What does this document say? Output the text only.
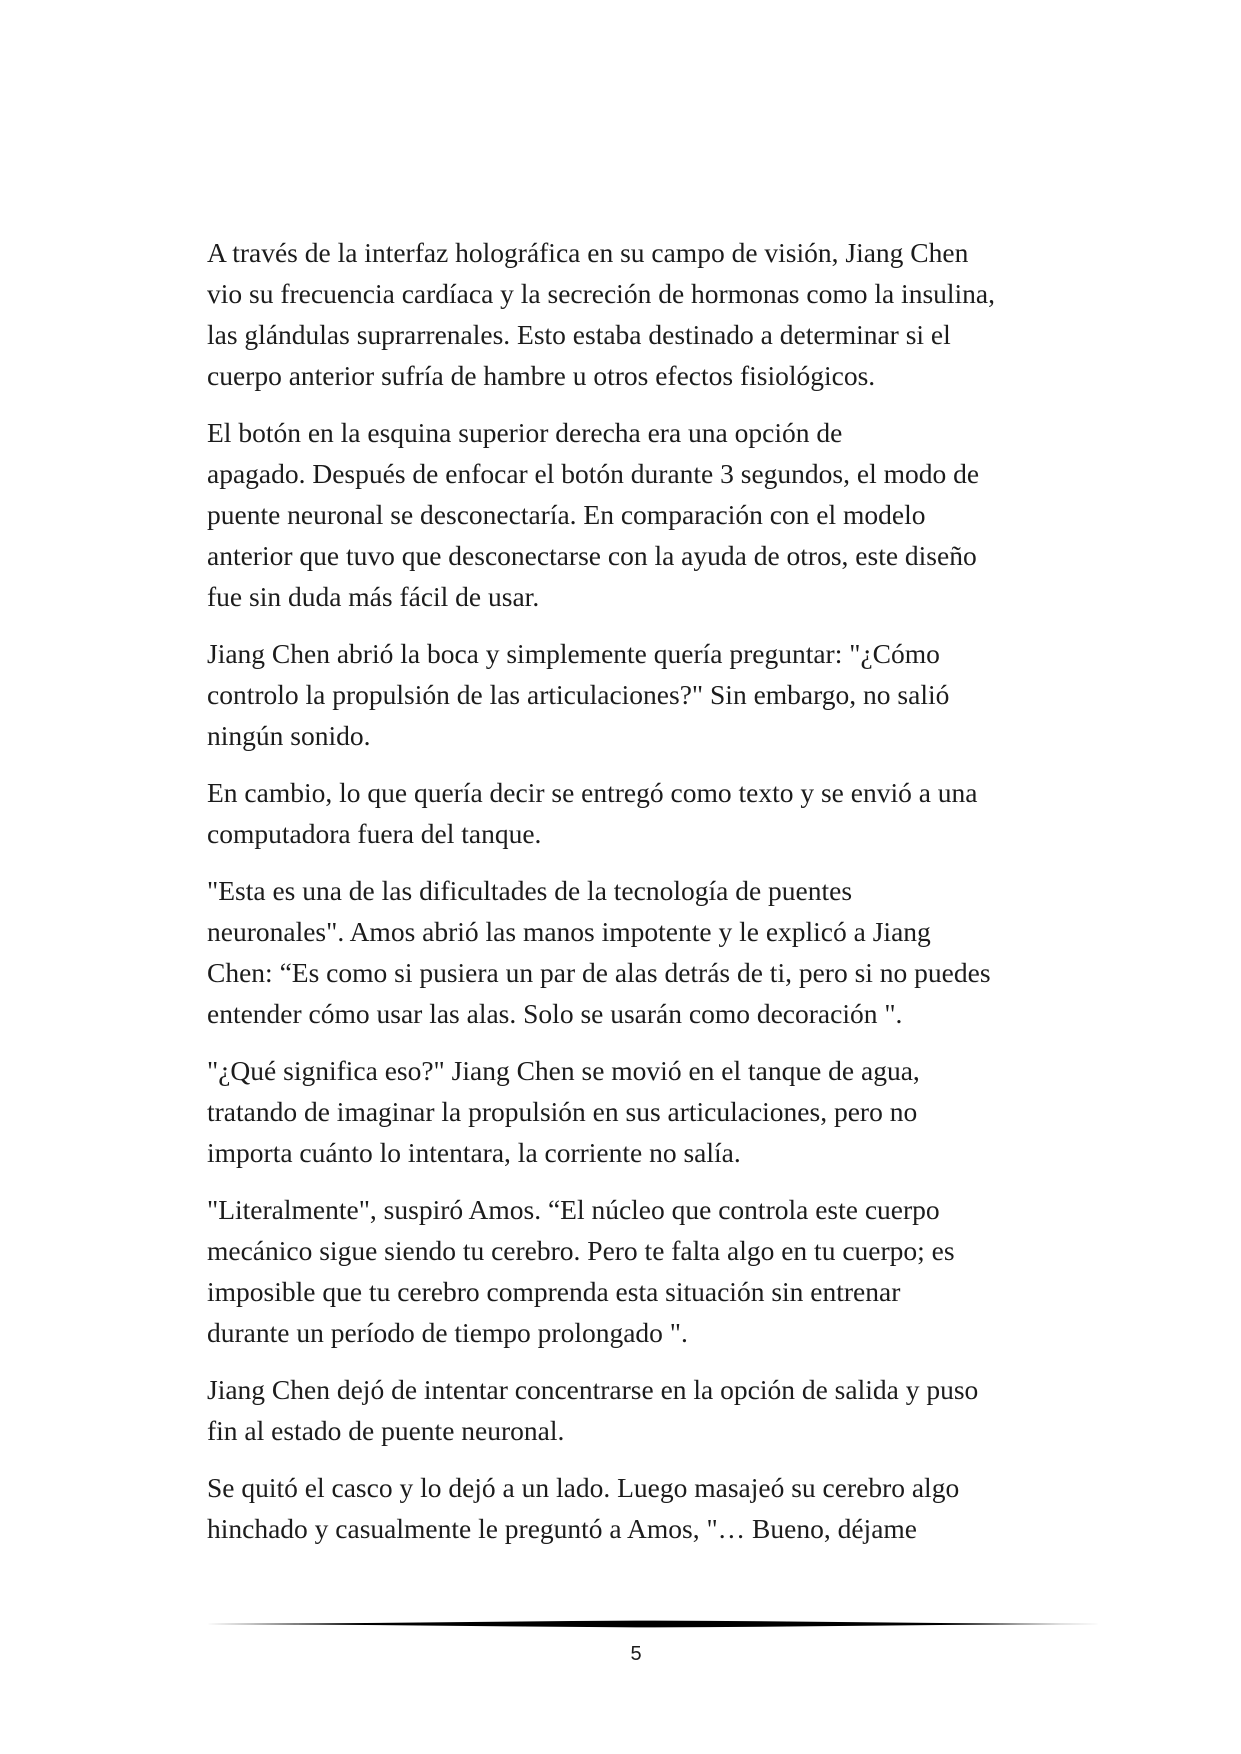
A través de la interfaz holográfica en su campo de visión, Jiang Chen
vio su frecuencia cardíaca y la secreción de hormonas como la insulina,
las glándulas suprarrenales. Esto estaba destinado a determinar si el
cuerpo anterior sufría de hambre u otros efectos fisiológicos.

El botón en la esquina superior derecha era una opción de
apagado. Después de enfocar el botón durante 3 segundos, el modo de
puente neuronal se desconectaría. En comparación con el modelo
anterior que tuvo que desconectarse con la ayuda de otros, este diseño
fue sin duda más fácil de usar.

Jiang Chen abrió la boca y simplemente quería preguntar: "¿Cómo
controlo la propulsión de las articulaciones?" Sin embargo, no salió
ningún sonido.

En cambio, lo que quería decir se entregó como texto y se envió a una
computadora fuera del tanque.

"Esta es una de las dificultades de la tecnología de puentes
neuronales". Amos abrió las manos impotente y le explicó a Jiang
Chen: “Es como si pusiera un par de alas detrás de ti, pero si no puedes
entender cómo usar las alas. Solo se usarán como decoración ".

"¿Qué significa eso?" Jiang Chen se movió en el tanque de agua,
tratando de imaginar la propulsión en sus articulaciones, pero no
importa cuánto lo intentara, la corriente no salía.

"Literalmente", suspiró Amos. “El núcleo que controla este cuerpo
mecánico sigue siendo tu cerebro. Pero te falta algo en tu cuerpo; es
imposible que tu cerebro comprenda esta situación sin entrenar
durante un período de tiempo prolongado ".

Jiang Chen dejó de intentar concentrarse en la opción de salida y puso
fin al estado de puente neuronal.

Se quitó el casco y lo dejó a un lado. Luego masajeó su cerebro algo
hinchado y casualmente le preguntó a Amos, "… Bueno, déjame

5
